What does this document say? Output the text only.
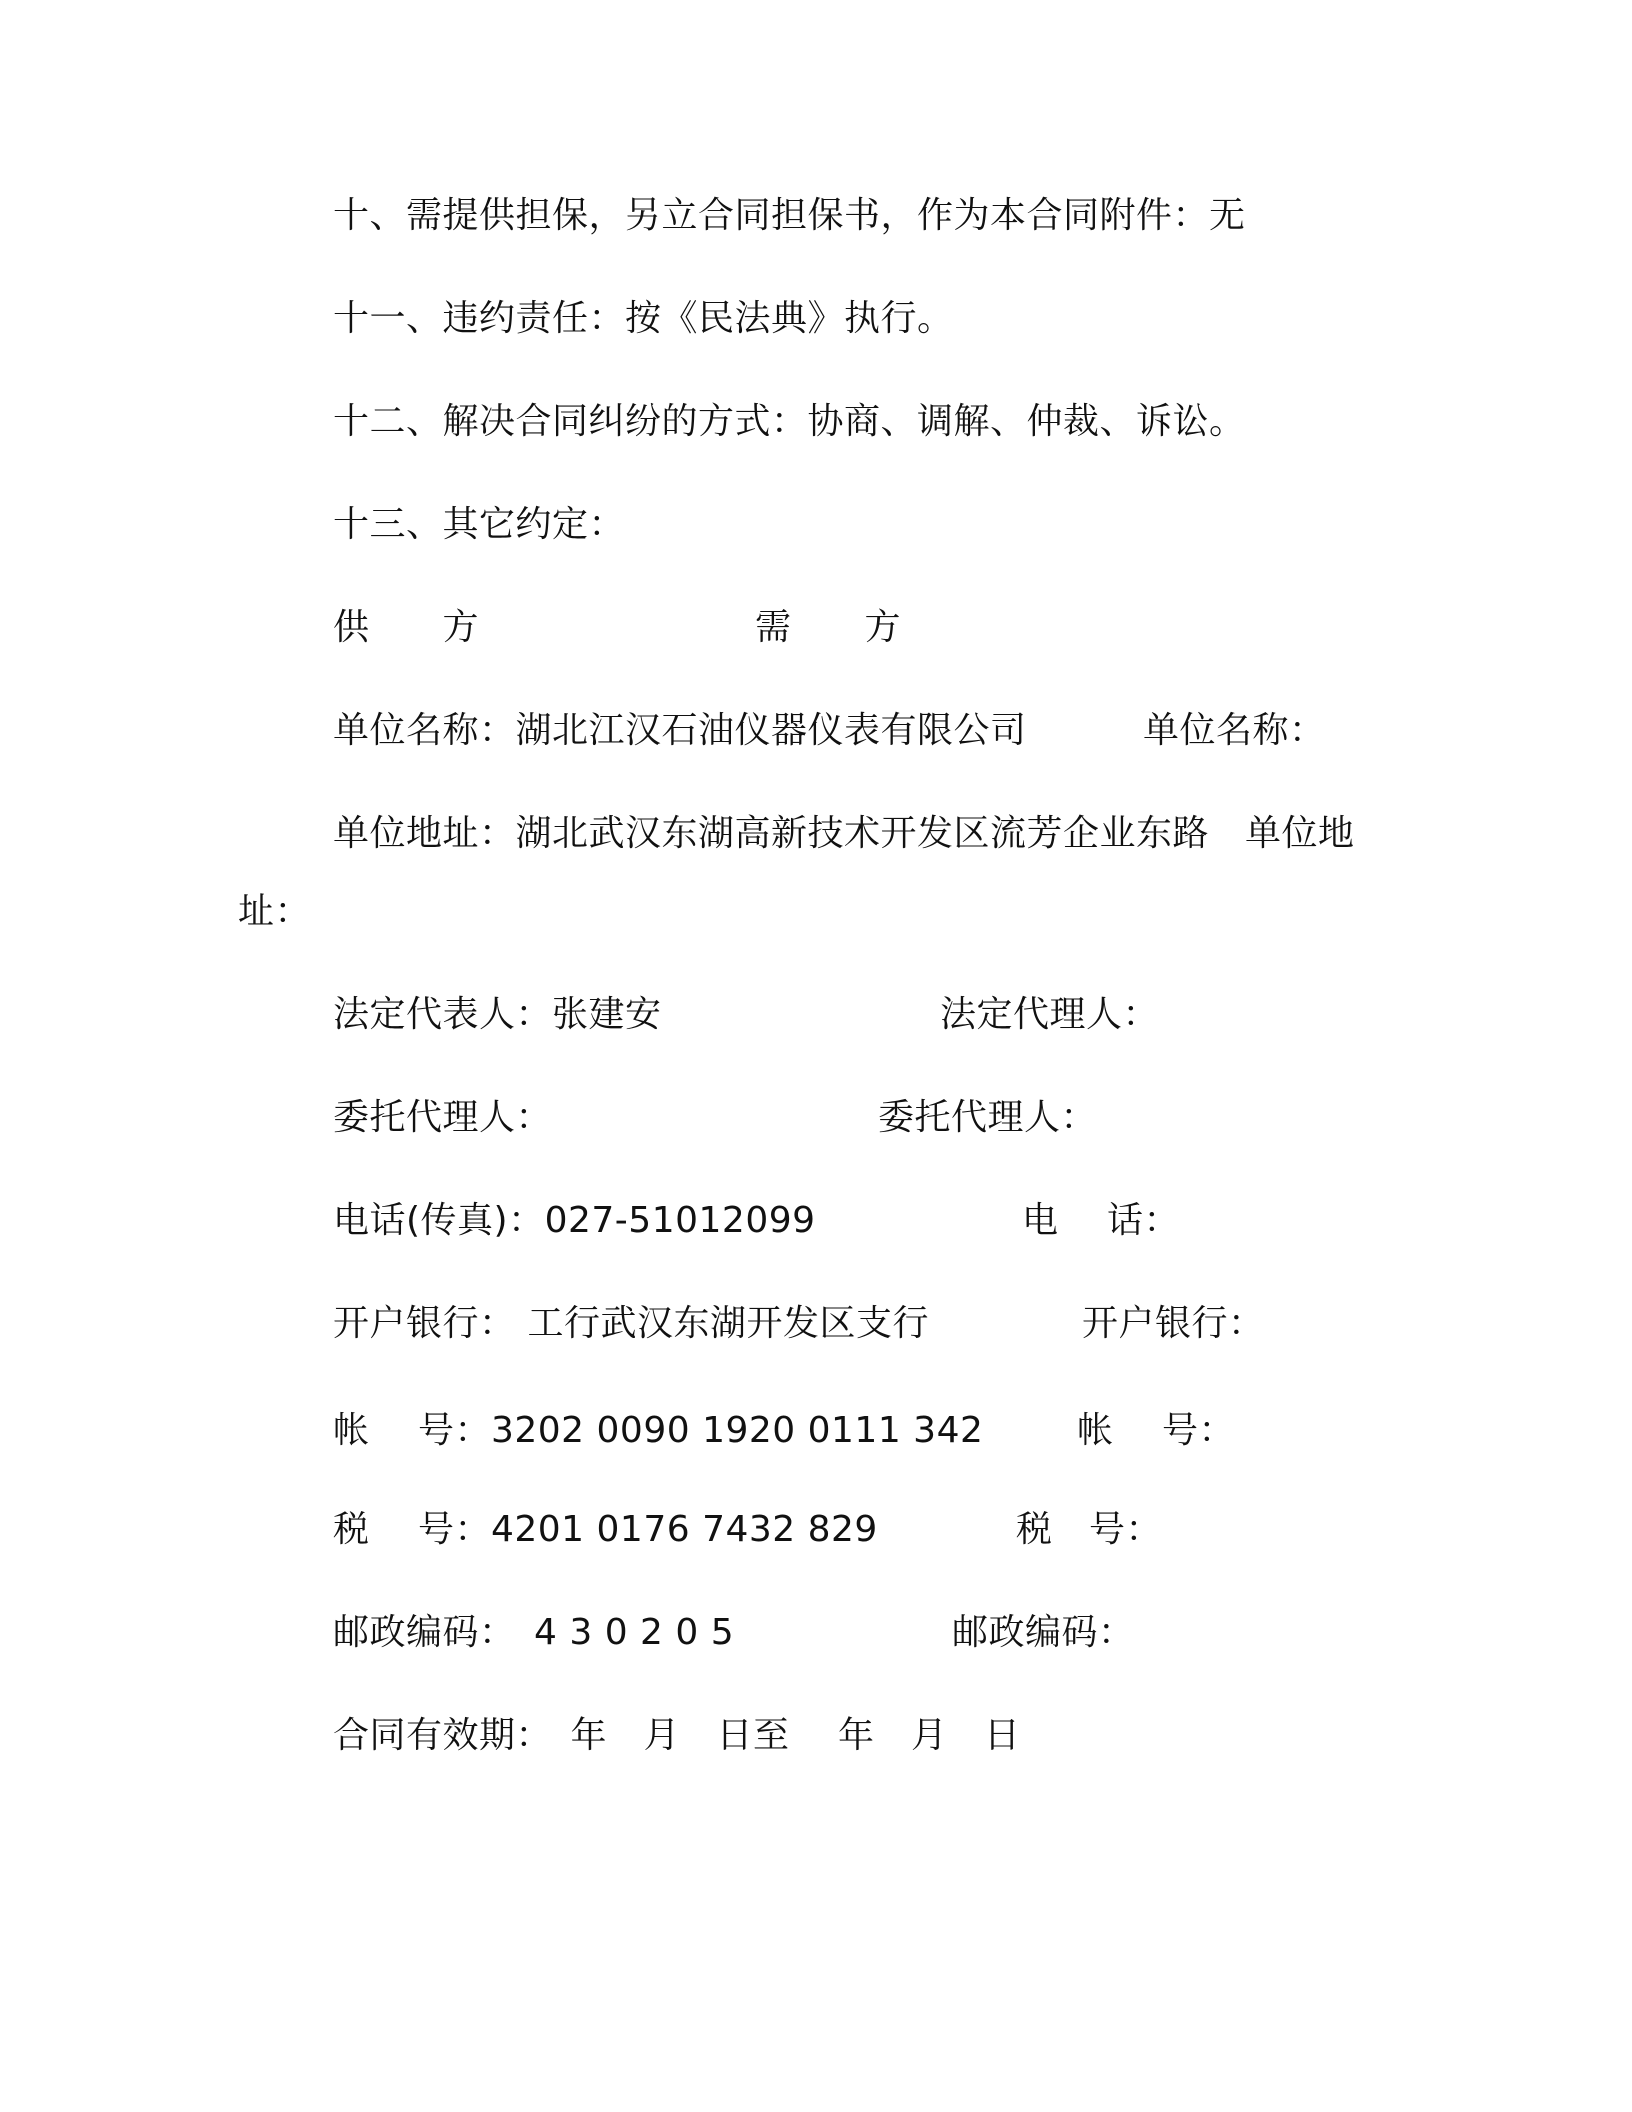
十、需提供担保，另立合同担保书，作为本合同附件：无
十一、违约责任：按《民法典》执行。
十二、解决合同纠纷的方式：协商、调解、仲裁、诉讼。
十三、其它约定：
供　　方	需　　方
单位名称：湖北江汉石油仪器仪表有限公司	单位名称：
单位地址：湖北武汉东湖高新技术开发区流芳企业东路 单位地
址：
法定代表人：张建安	法定代理人：
委托代理人：	委托代理人：
电话(传真)：027-51012099	电　 话：
开户银行： 工行武汉东湖开发区支行	开户银行：
帐　 号：3202 0090 1920 0111 342	帐　 号：
税　 号：4201 0176 7432 829	税　号：
邮政编码：　4 3 0 2 0 5	邮政编码：
合同有效期：　年　月　日至　 年　月　日
